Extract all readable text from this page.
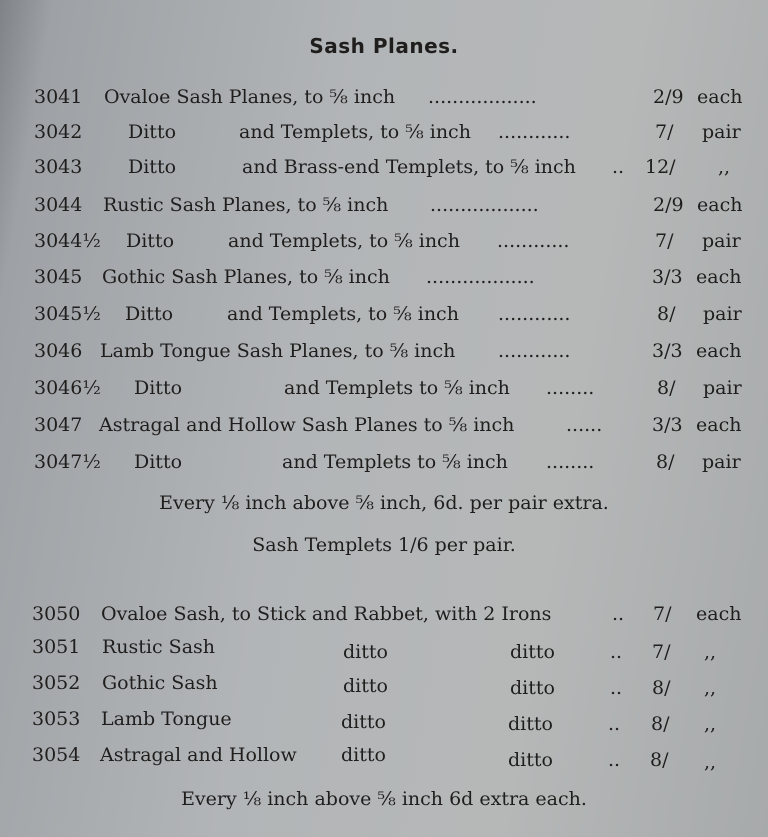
Sash Planes.
3041 Ovaloe Sash Planes, to ⅝ inch ..................	2/9 each
3042 Ditto	and Templets, to ⅝ inch ............	7/ pair
3043 Ditto	and Brass-end Templets, to ⅝ inch .. 12/ ,,
3044 Rustic Sash Planes, to ⅝ inch ..................	2/9 each
3044½ Ditto	and Templets, to ⅝ inch ............	7/ pair
3045 Gothic Sash Planes, to ⅝ inch ..................	3/3 each
3045½ Ditto	and Templets, to ⅝ inch ............	8/ pair
3046 Lamb Tongue Sash Planes, to ⅝ inch ............	3/3 each
3046½ Ditto	and Templets to ⅝ inch ........	8/ pair
3047 Astragal and Hollow Sash Planes to ⅝ inch	......	3/3 each
3047½ Ditto	and Templets to ⅝ inch ........	8/ pair
Every ⅛ inch above ⅝ inch, 6d. per pair extra.
Sash Templets 1/6 per pair.
3050 Ovaloe Sash, to Stick and Rabbet, with 2 Irons	.. 7/ each
3051 Rustic Sash	ditto	ditto	.. 7/ ,,
3052 Gothic Sash	ditto	ditto	.. 8/ ,,
3053 Lamb Tongue	ditto	ditto	.. 8/ ,,
3054 Astragal and Hollow ditto	ditto	.. 8/ ,,
Every ⅛ inch above ⅝ inch 6d extra each.
